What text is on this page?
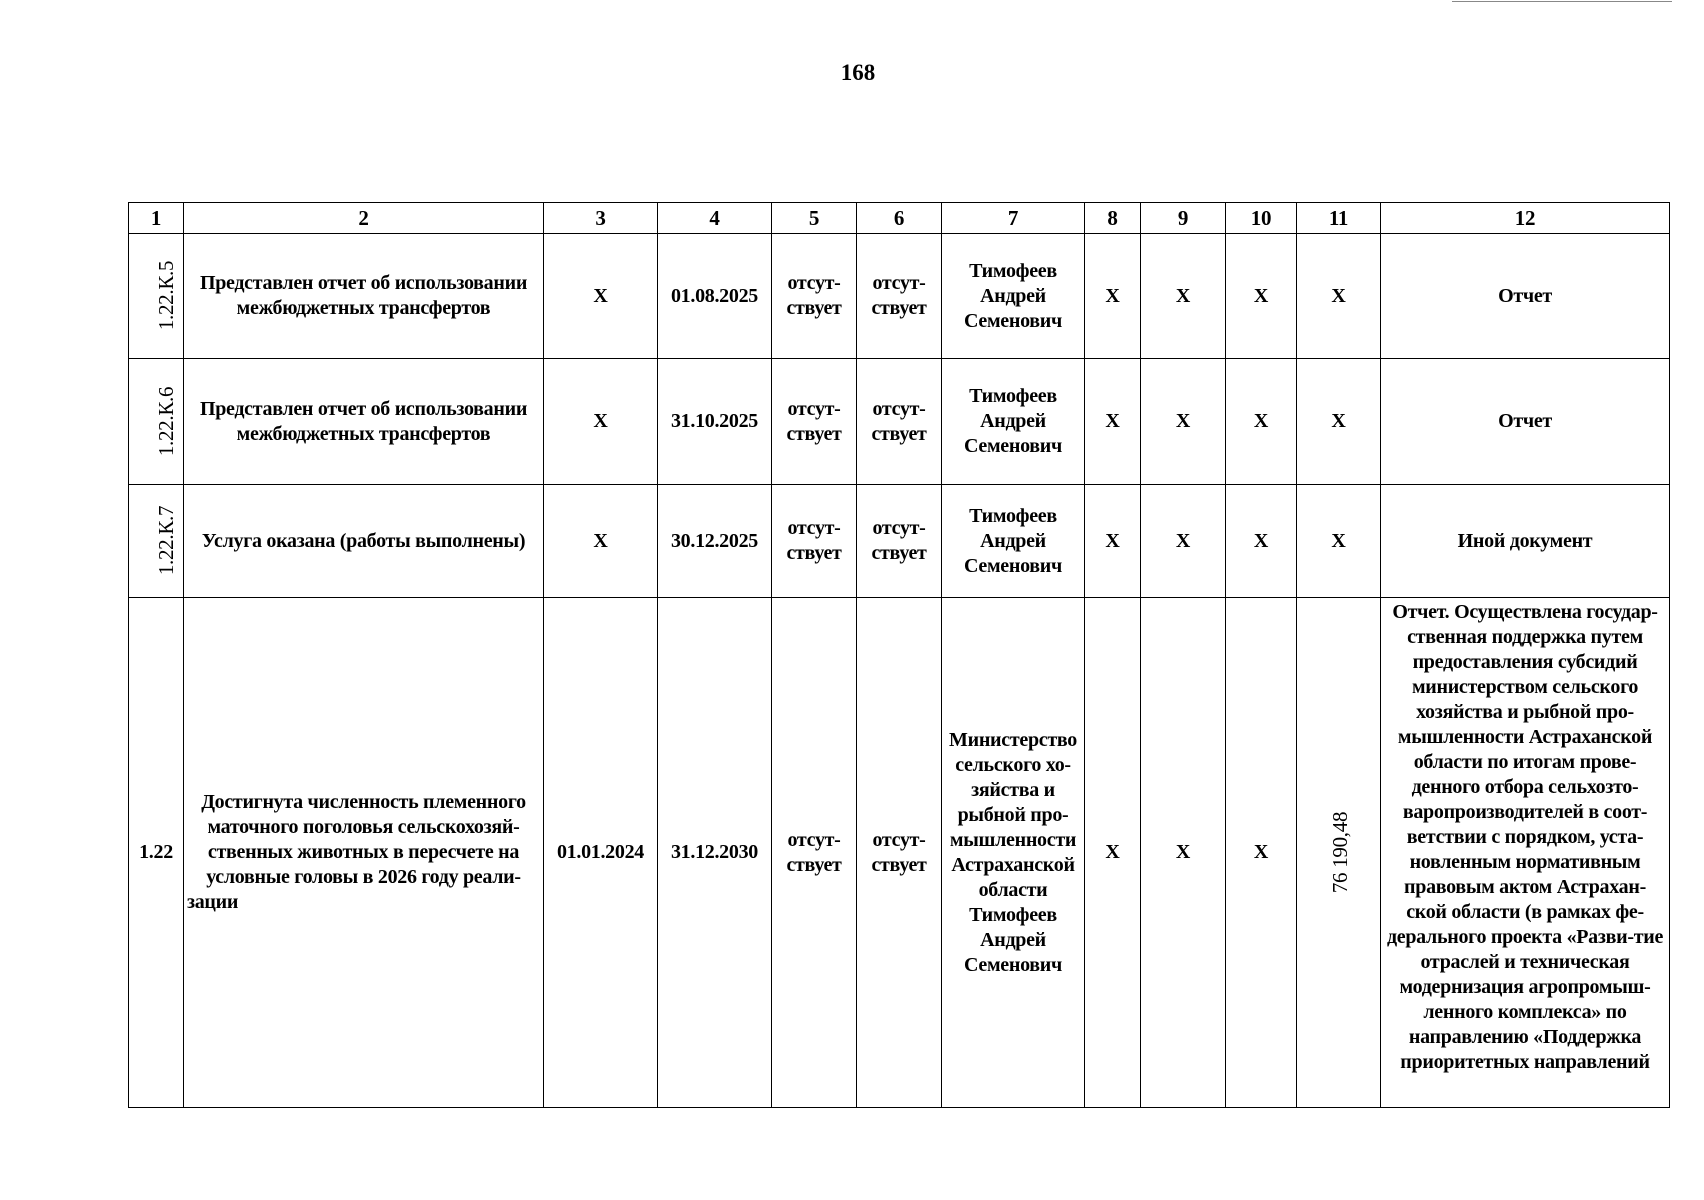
168
1	2	3	4	5	6	7	8	9	10	11	12
1.22.К.5	Представлен отчет об использовании межбюджетных трансфертов	X	01.08.2025	отсут-ствует	отсут-ствует	Тимофеев Андрей Семенович	X	X	X	X	Отчет
1.22.К.6	Представлен отчет об использовании межбюджетных трансфертов	X	31.10.2025	отсут-ствует	отсут-ствует	Тимофеев Андрей Семенович	X	X	X	X	Отчет
1.22.К.7	Услуга оказана (работы выполнены)	X	30.12.2025	отсут-ствует	отсут-ствует	Тимофеев Андрей Семенович	X	X	X	X	Иной документ
1.22	Достигнута численность племенного маточного поголовья сельскохозяй-ственных животных в пересчете на условные головы в 2026 году реали-зации	01.01.2024	31.12.2030	отсут-ствует	отсут-ствует	Министерство сельского хо-зяйства и рыбной про-мышленности Астраханской области Тимофеев Андрей Семенович	X	X	X	76 190,48	Отчет. Осуществлена государ-ственная поддержка путем предоставления субсидий министерством сельского хозяйства и рыбной про-мышленности Астраханской области по итогам прове-денного отбора сельхозто-варопроизводителей в соот-ветствии с порядком, уста-новленным нормативным правовым актом Астрахан-ской области (в рамках фе-дерального проекта «Разви-тие отраслей и техническая модернизация агропромыш-ленного комплекса» по направлению «Поддержка приоритетных направлений
